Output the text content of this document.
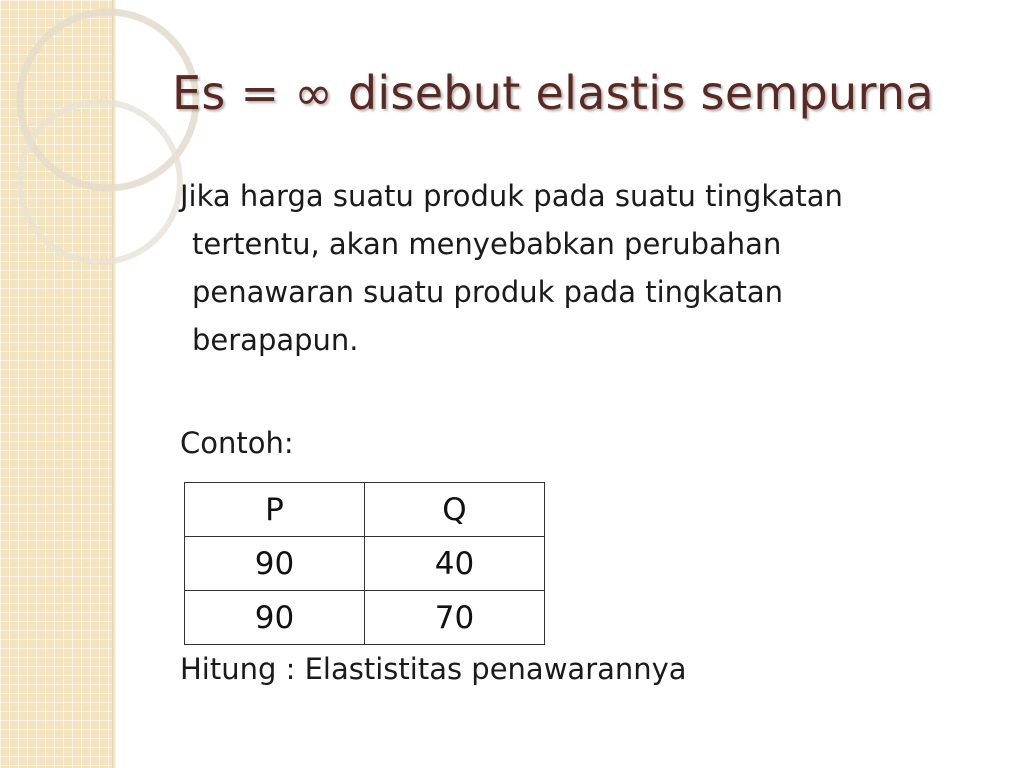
Es = ∞ disebut elastis sempurna

Jika harga suatu produk pada suatu tingkatan
tertentu, akan menyebabkan perubahan
penawaran suatu produk pada tingkatan
berapapun.

Contoh:

P	Q
90	40
90	70

Hitung : Elastistitas penawarannya
